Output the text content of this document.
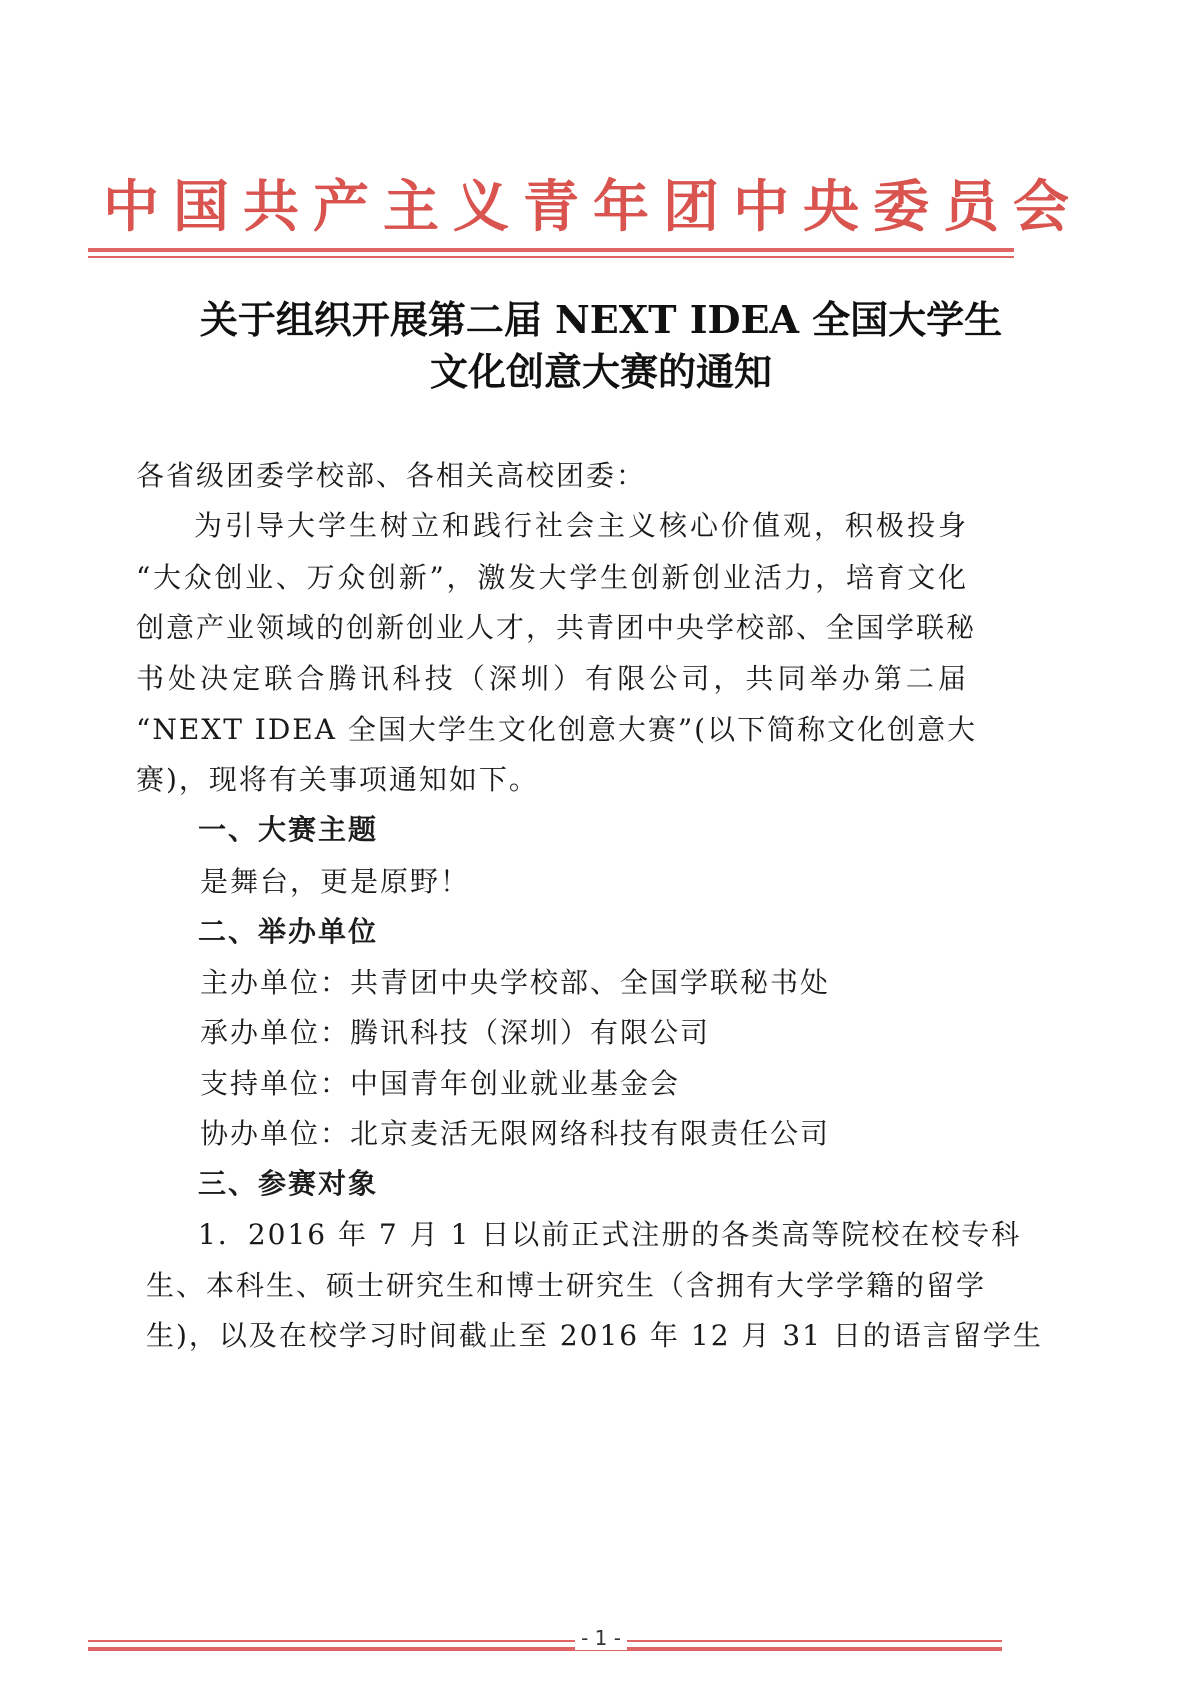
中国共产主义青年团中央委员会
关于组织开展第二届 NEXT IDEA 全国大学生
文化创意大赛的通知
各省级团委学校部、各相关高校团委：
为引导大学生树立和践行社会主义核心价值观，积极投身
“大众创业、万众创新”，激发大学生创新创业活力，培育文化
创意产业领域的创新创业人才，共青团中央学校部、全国学联秘
书处决定联合腾讯科技（深圳）有限公司，共同举办第二届
“NEXT IDEA 全国大学生文化创意大赛”(以下简称文化创意大
赛)，现将有关事项通知如下。
一、大赛主题
是舞台，更是原野！
二、举办单位
主办单位：共青团中央学校部、全国学联秘书处
承办单位：腾讯科技（深圳）有限公司
支持单位：中国青年创业就业基金会
协办单位：北京麦活无限网络科技有限责任公司
三、参赛对象
1．2016 年 7 月 1 日以前正式注册的各类高等院校在校专科
生、本科生、硕士研究生和博士研究生（含拥有大学学籍的留学
生)，以及在校学习时间截止至 2016 年 12 月 31 日的语言留学生
- 1 -
